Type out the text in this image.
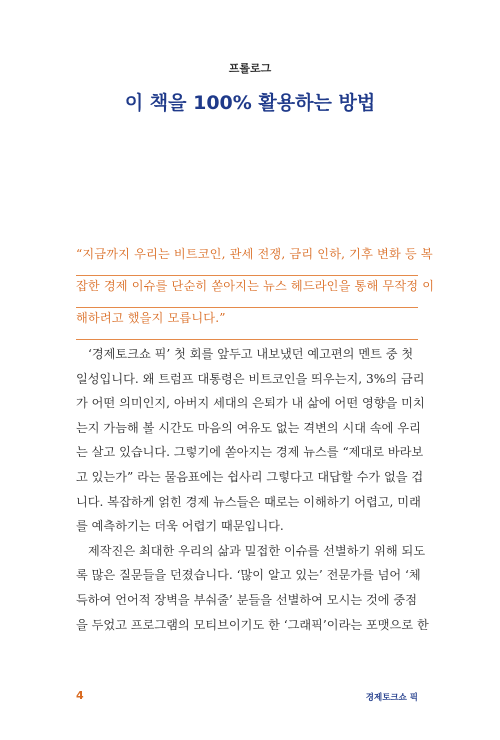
프롤로그
이 책을 100% 활용하는 방법
“지금까지 우리는 비트코인, 관세 전쟁, 금리 인하, 기후 변화 등 복
잡한 경제 이슈를 단순히 쏟아지는 뉴스 헤드라인을 통해 무작정 이
해하려고 했을지 모릅니다.”
‘경제토크쇼 픽’ 첫 회를 앞두고 내보냈던 예고편의 멘트 중 첫
일성입니다. 왜 트럼프 대통령은 비트코인을 띄우는지, 3%의 금리
가 어떤 의미인지, 아버지 세대의 은퇴가 내 삶에 어떤 영향을 미치
는지 가늠해 볼 시간도 마음의 여유도 없는 격변의 시대 속에 우리
는 살고 있습니다. 그렇기에 쏟아지는 경제 뉴스를 “제대로 바라보
고 있는가” 라는 물음표에는 쉽사리 그렇다고 대답할 수가 없을 겁
니다. 복잡하게 얽힌 경제 뉴스들은 때로는 이해하기 어렵고, 미래
를 예측하기는 더욱 어렵기 때문입니다.
제작진은 최대한 우리의 삶과 밀접한 이슈를 선별하기 위해 되도
록 많은 질문들을 던졌습니다. ‘많이 알고 있는’ 전문가를 넘어 ‘체
득하여 언어적 장벽을 부숴줄’ 분들을 선별하여 모시는 것에 중점
을 두었고 프로그램의 모티브이기도 한 ‘그래픽’이라는 포맷으로 한
4	경제토크쇼 픽
